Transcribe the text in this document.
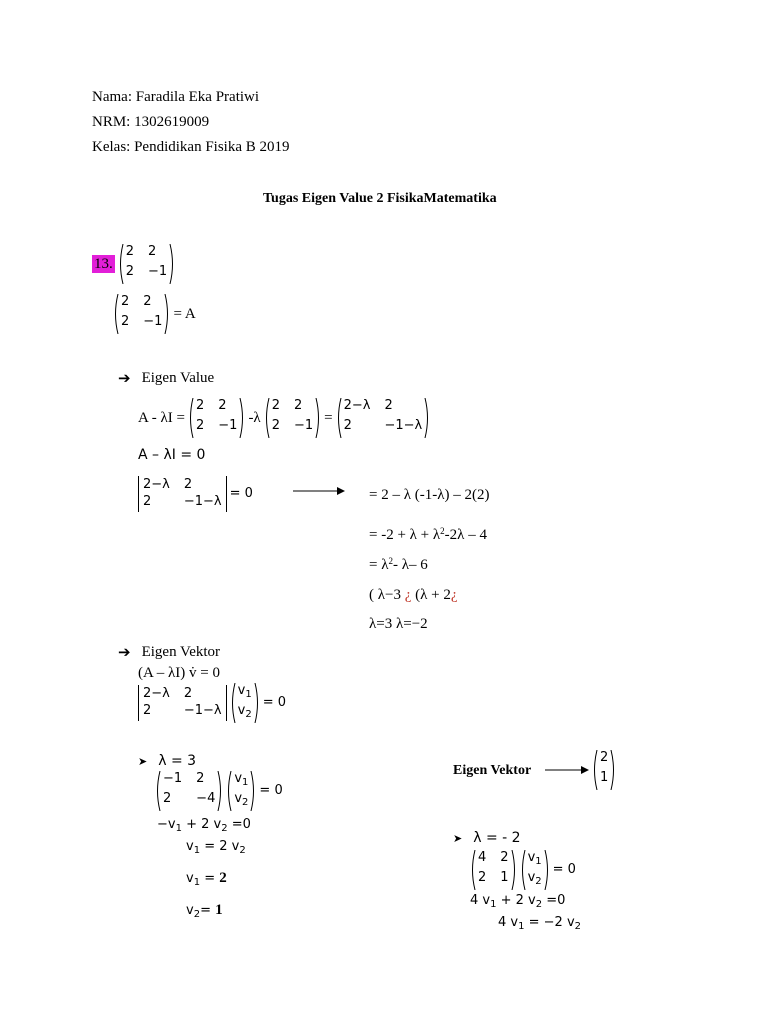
Nama: Faradila Eka Pratiwi
NRM: 1302619009
Kelas: Pendidikan Fisika B 2019
Tugas Eigen Value 2 FisikaMatematika
13.
2 2
2 −1
2 2
2 −1 = A
➔ Eigen Value
A - λI =
2 2
2 −1 -λ
2 2
2 −1 =
2−λ 2
2	−1−λ
A – λI = 0
2−λ 2
2	−1−λ
= 0	= 2 – λ (-1-λ) – 2(2)
= $-2 + \lambda + \lambda^2-2\lambda - 4$
= $\lambda^2-$ λ– 6
( λ−3 ¿ (λ + 2¿
λ=3 λ=−2
➔ Eigen Vektor
(A – λI) v̇ = 0
2−λ 2
2	−1−λ
$v_1$
$v_2$
= 0
➤ λ = 3
−1 2
2	−4
$v_1$
$v_2$
= 0
$-v_1 + 2$ $v_2 =0$
$v_1 = 2$ $v_2$
$v_1 = 2$
$v_2= 1$
Eigen Vektor
2
1
➤ λ = - 2
4 2
2 1
$v_1$
$v_2$
= 0
4 $v_1 + 2$ $v_2 =0$
4 $v_1 = -2$ $v_2$
